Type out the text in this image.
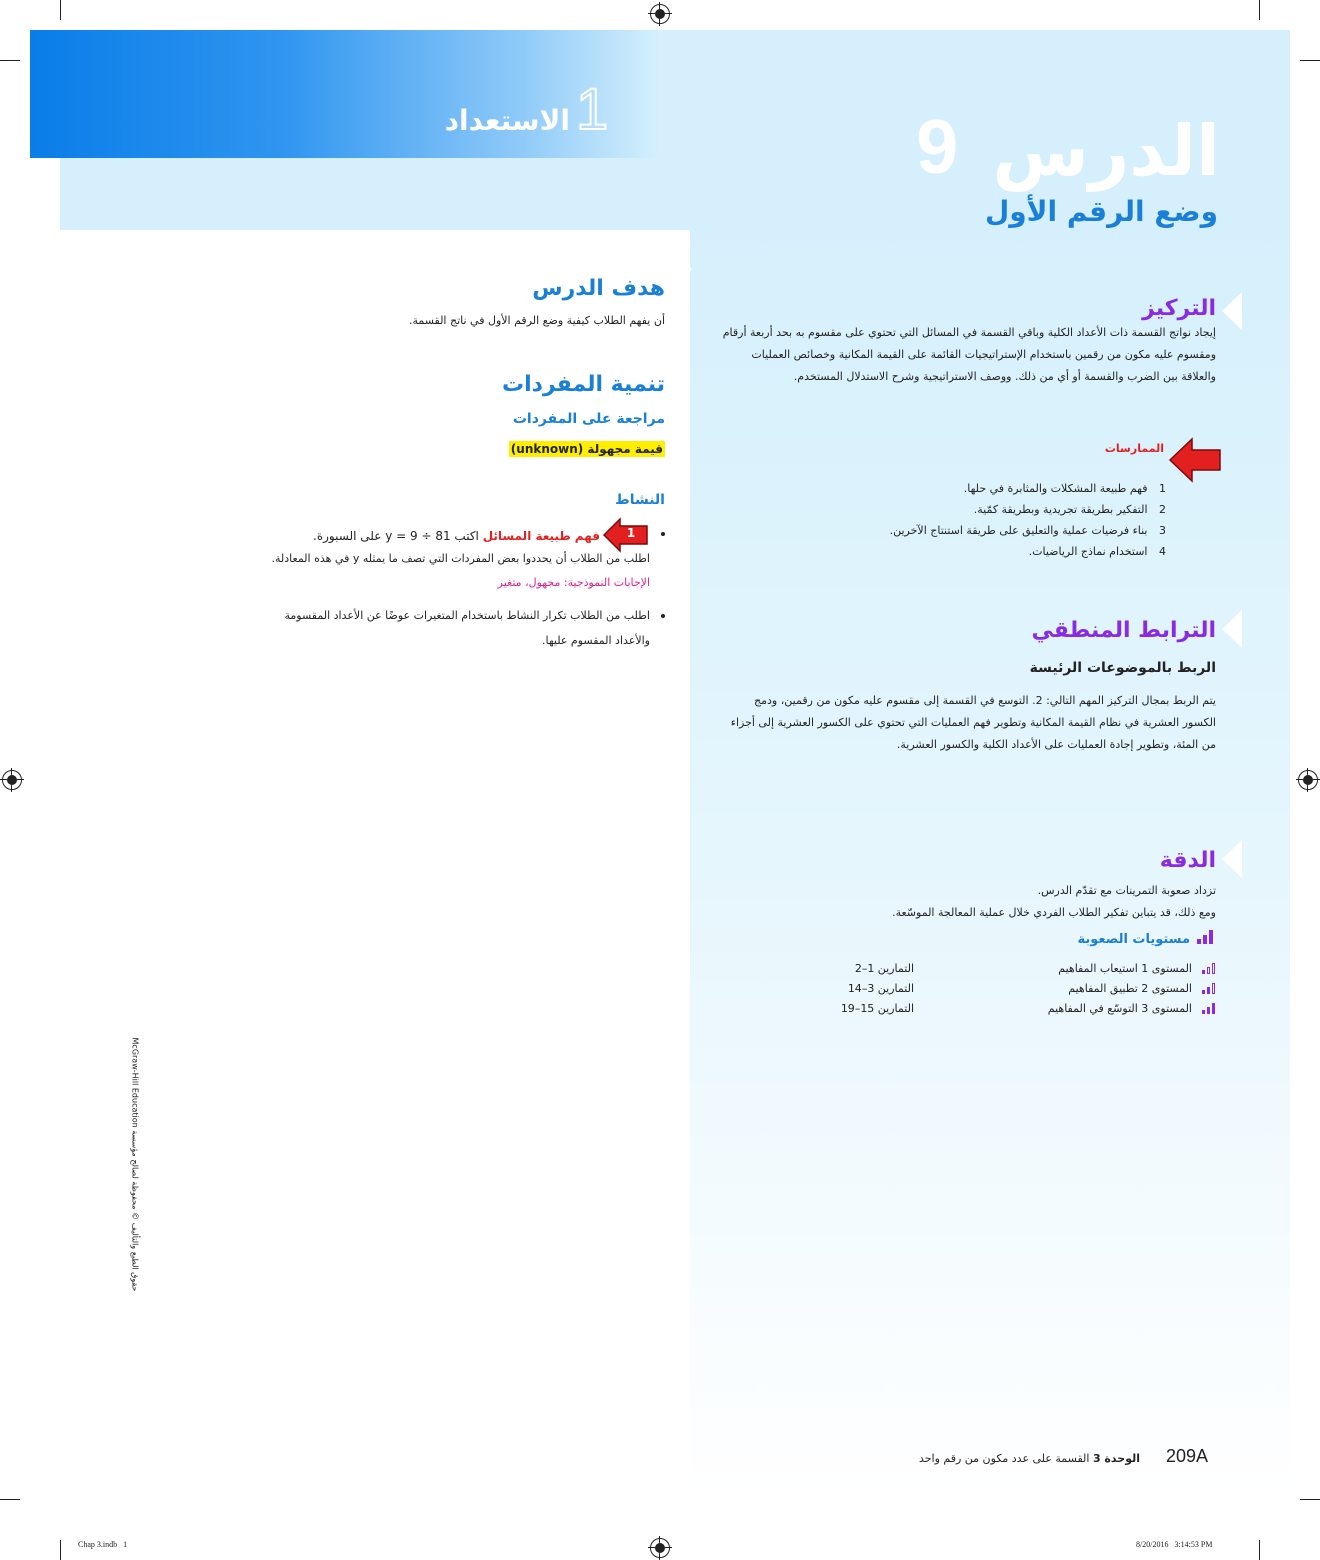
1
الاستعداد	9 الدرس
وضع الرقم الأول
التركيز
إيجاد نواتج القسمة ذات الأعداد الكلية وباقي القسمة في المسائل التي تحتوي على مقسوم به بحد أربعة أرقام ومقسوم عليه مكون من رقمين باستخدام الإستراتيجيات القائمة على القيمة المكانية وخصائص العمليات والعلاقة بين الضرب والقسمة أو أي من ذلك. ووصف الاستراتيجية وشرح الاستدلال المستخدم.
الممارسات
1 فهم طبيعة المشكلات والمثابرة في حلها.
2 التفكير بطريقة تجريدية وبطريقة كمّية.
3 بناء فرضيات عملية والتعليق على طريقة استنتاج الآخرين.
4 استخدام نماذج الرياضيات.
الترابط المنطقي
الربط بالموضوعات الرئيسة
يتم الربط بمجال التركيز المهم التالي: 2. التوسع في القسمة إلى مقسوم عليه مكون من رقمين، ودمج الكسور العشرية في نظام القيمة المكانية وتطوير فهم العمليات التي تحتوي على الكسور العشرية إلى أجزاء من المئة، وتطوير إجادة العمليات على الأعداد الكلية والكسور العشرية.
الدقة
تزداد صعوبة التمرينات مع تقدّم الدرس.
ومع ذلك، قد يتباين تفكير الطلاب الفردي خلال عملية المعالجة الموسّعة.
مستويات الصعوبة
المستوى 1 استيعاب المفاهيم
التمارين 1–2
المستوى 2 تطبيق المفاهيم
التمارين 3–14
المستوى 3 التوسّع في المفاهيم
التمارين 15–19
هدف الدرس
أن يفهم الطلاب كيفية وضع الرقم الأول في ناتج القسمة.
تنمية المفردات
مراجعة على المفردات
قيمة مجهولة (unknown)
النشاط
1
فهم طبيعة المسائل اكتب 81 ÷ 9 = y على السبورة.
اطلب من الطلاب أن يحددوا بعض المفردات التي تصف ما يمثله y في هذه المعادلة.
الإجابات النموذجية: مجهول، متغير
اطلب من الطلاب تكرار النشاط باستخدام المتغيرات عوضًا عن الأعداد المقسومة
والأعداد المقسوم عليها.
حقوق الطبع والتأليف © محفوظة لصالح مؤسسة McGraw-Hill Education
209A
الوحدة 3 القسمة على عدد مكون من رقم واحد
Chap 3.indb   1	8/20/2016   3:14:53 PM
